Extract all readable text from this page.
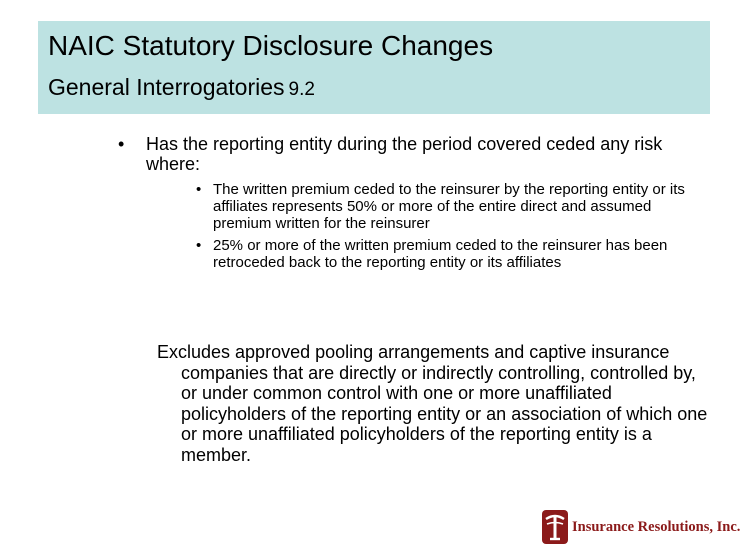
NAIC Statutory Disclosure Changes
General Interrogatories 9.2
• Has the reporting entity during the period covered ceded any risk where:
• The written premium ceded to the reinsurer by the reporting entity or its affiliates represents 50% or more of the entire direct and assumed premium written for the reinsurer
• 25% or more of the written premium ceded to the reinsurer has been retroceded back to the reporting entity or its affiliates
Excludes approved pooling arrangements and captive insurance companies that are directly or indirectly controlling, controlled by, or under common control with one or more unaffiliated policyholders of the reporting entity or an association of which one or more unaffiliated policyholders of the reporting entity is a member.
Insurance Resolutions, Inc.
